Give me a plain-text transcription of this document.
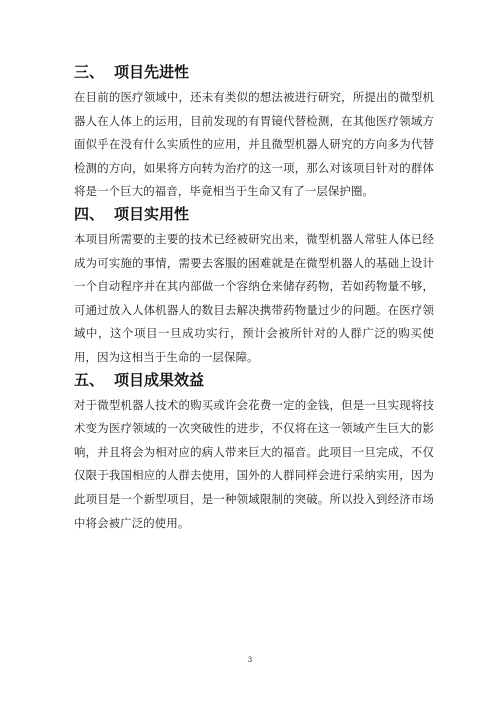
三、 项目先进性

在目前的医疗领域中，还未有类似的想法被进行研究，所提出的微型机器人在人体上的运用，目前发现的有胃镜代替检测，在其他医疗领域方面似乎在没有什么实质性的应用，并且微型机器人研究的方向多为代替检测的方向，如果将方向转为治疗的这一项，那么对该项目针对的群体将是一个巨大的福音，毕竟相当于生命又有了一层保护圈。

四、 项目实用性

本项目所需要的主要的技术已经被研究出来，微型机器人常驻人体已经成为可实施的事情，需要去客服的困难就是在微型机器人的基础上设计一个自动程序并在其内部做一个容纳仓来储存药物，若如药物量不够，可通过放入人体机器人的数目去解决携带药物量过少的问题。在医疗领域中，这个项目一旦成功实行，预计会被所针对的人群广泛的购买使用，因为这相当于生命的一层保障。

五、 项目成果效益

对于微型机器人技术的购买或许会花费一定的金钱，但是一旦实现将技术变为医疗领域的一次突破性的进步，不仅将在这一领域产生巨大的影响，并且将会为相对应的病人带来巨大的福音。此项目一旦完成，不仅仅限于我国相应的人群去使用，国外的人群同样会进行采纳实用，因为此项目是一个新型项目，是一种领域限制的突破。所以投入到经济市场中将会被广泛的使用。

3
